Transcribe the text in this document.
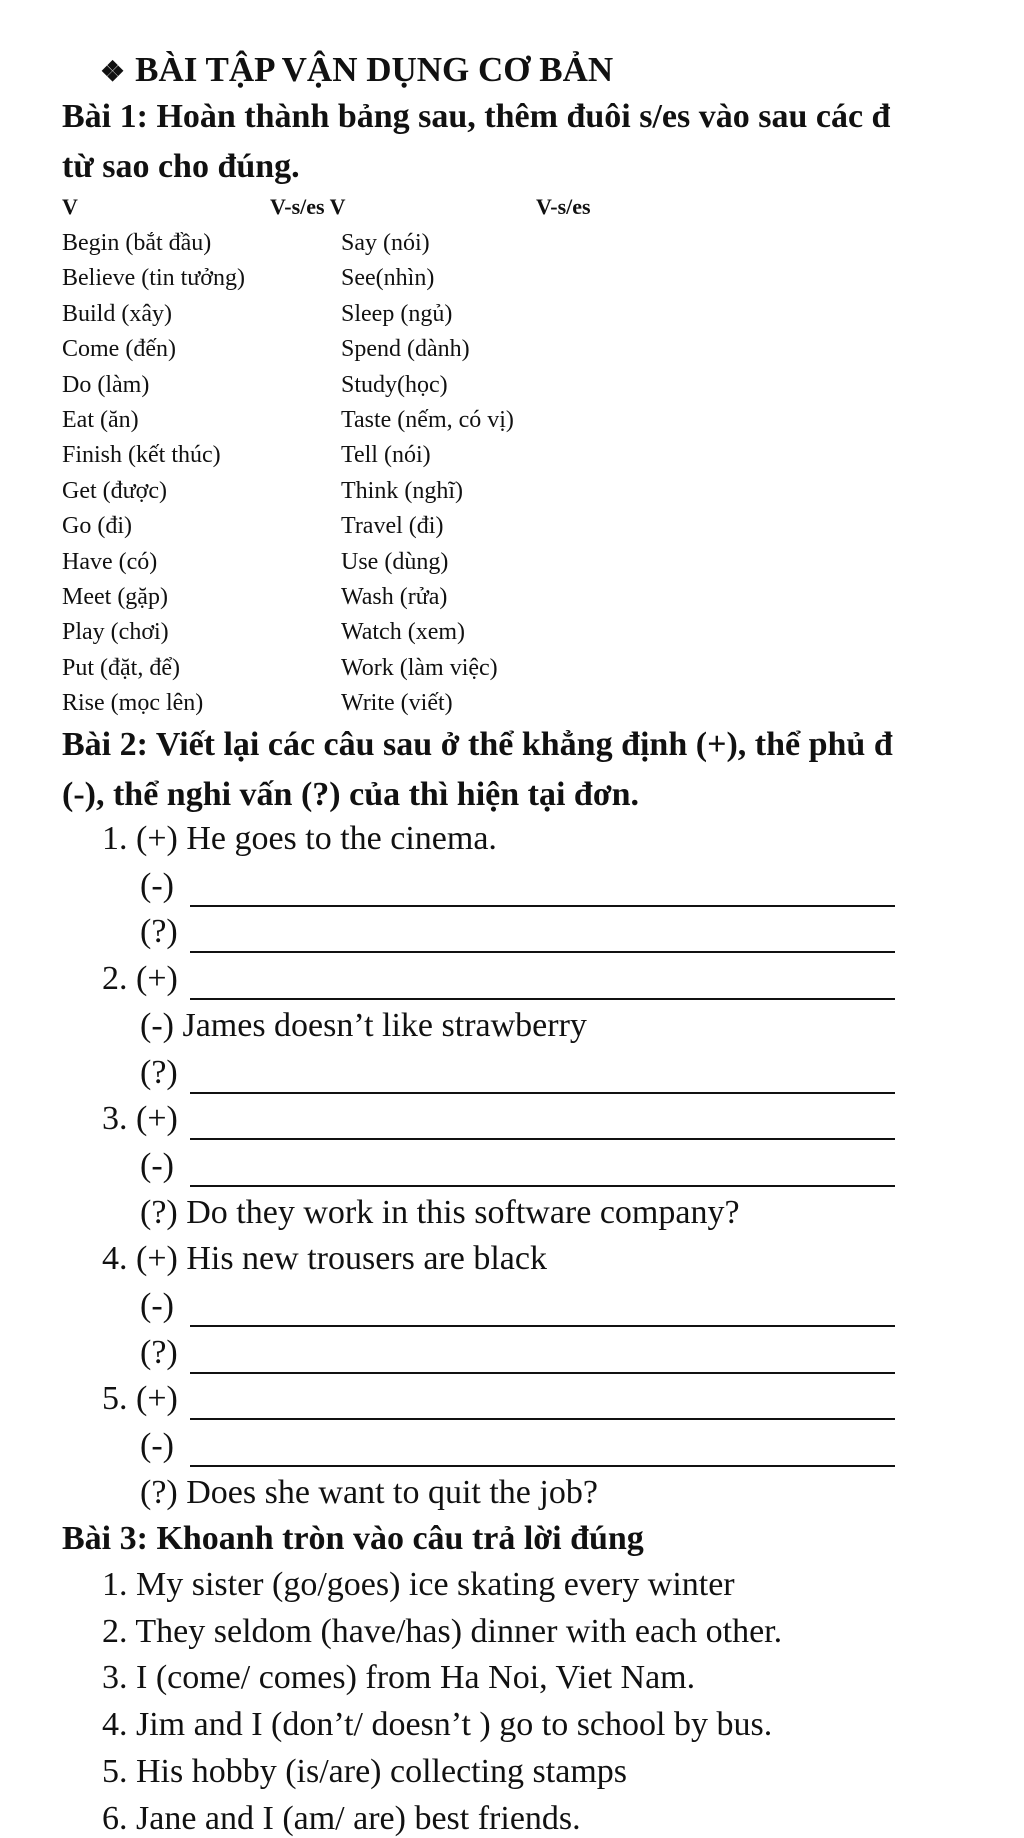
❖ BÀI TẬP VẬN DỤNG CƠ BẢN
Bài 1: Hoàn thành bảng sau, thêm đuôi s/es vào sau các đ
từ sao cho đúng.
V	V-s/es V	V-s/es
Begin (bắt đầu)
Believe (tin tưởng)
Build (xây)
Come (đến)
Do (làm)
Eat (ăn)
Finish (kết thúc)
Get (được)
Go (đi)
Have (có)
Meet (gặp)
Play (chơi)
Put (đặt, để)
Rise (mọc lên)
Say (nói)
See(nhìn)
Sleep (ngủ)
Spend (dành)
Study(học)
Taste (nếm, có vị)
Tell (nói)
Think (nghĩ)
Travel (đi)
Use (dùng)
Wash (rửa)
Watch (xem)
Work (làm việc)
Write (viết)
Bài 2: Viết lại các câu sau ở thể khẳng định (+), thể phủ đ
(-), thể nghi vấn (?) của thì hiện tại đơn.
1. (+) He goes to the cinema.
(-)
(?)
2. (+)
(-) James doesn’t like strawberry
(?)
3. (+)
(-)
(?) Do they work in this software company?
4. (+) His new trousers are black
(-)
(?)
5. (+)
(-)
(?) Does she want to quit the job?
Bài 3: Khoanh tròn vào câu trả lời đúng
1. My sister (go/goes) ice skating every winter
2. They seldom (have/has) dinner with each other.
3. I (come/ comes) from Ha Noi, Viet Nam.
4. Jim and I (don’t/ doesn’t ) go to school by bus.
5. His hobby (is/are) collecting stamps
6. Jane and I (am/ are) best friends.
